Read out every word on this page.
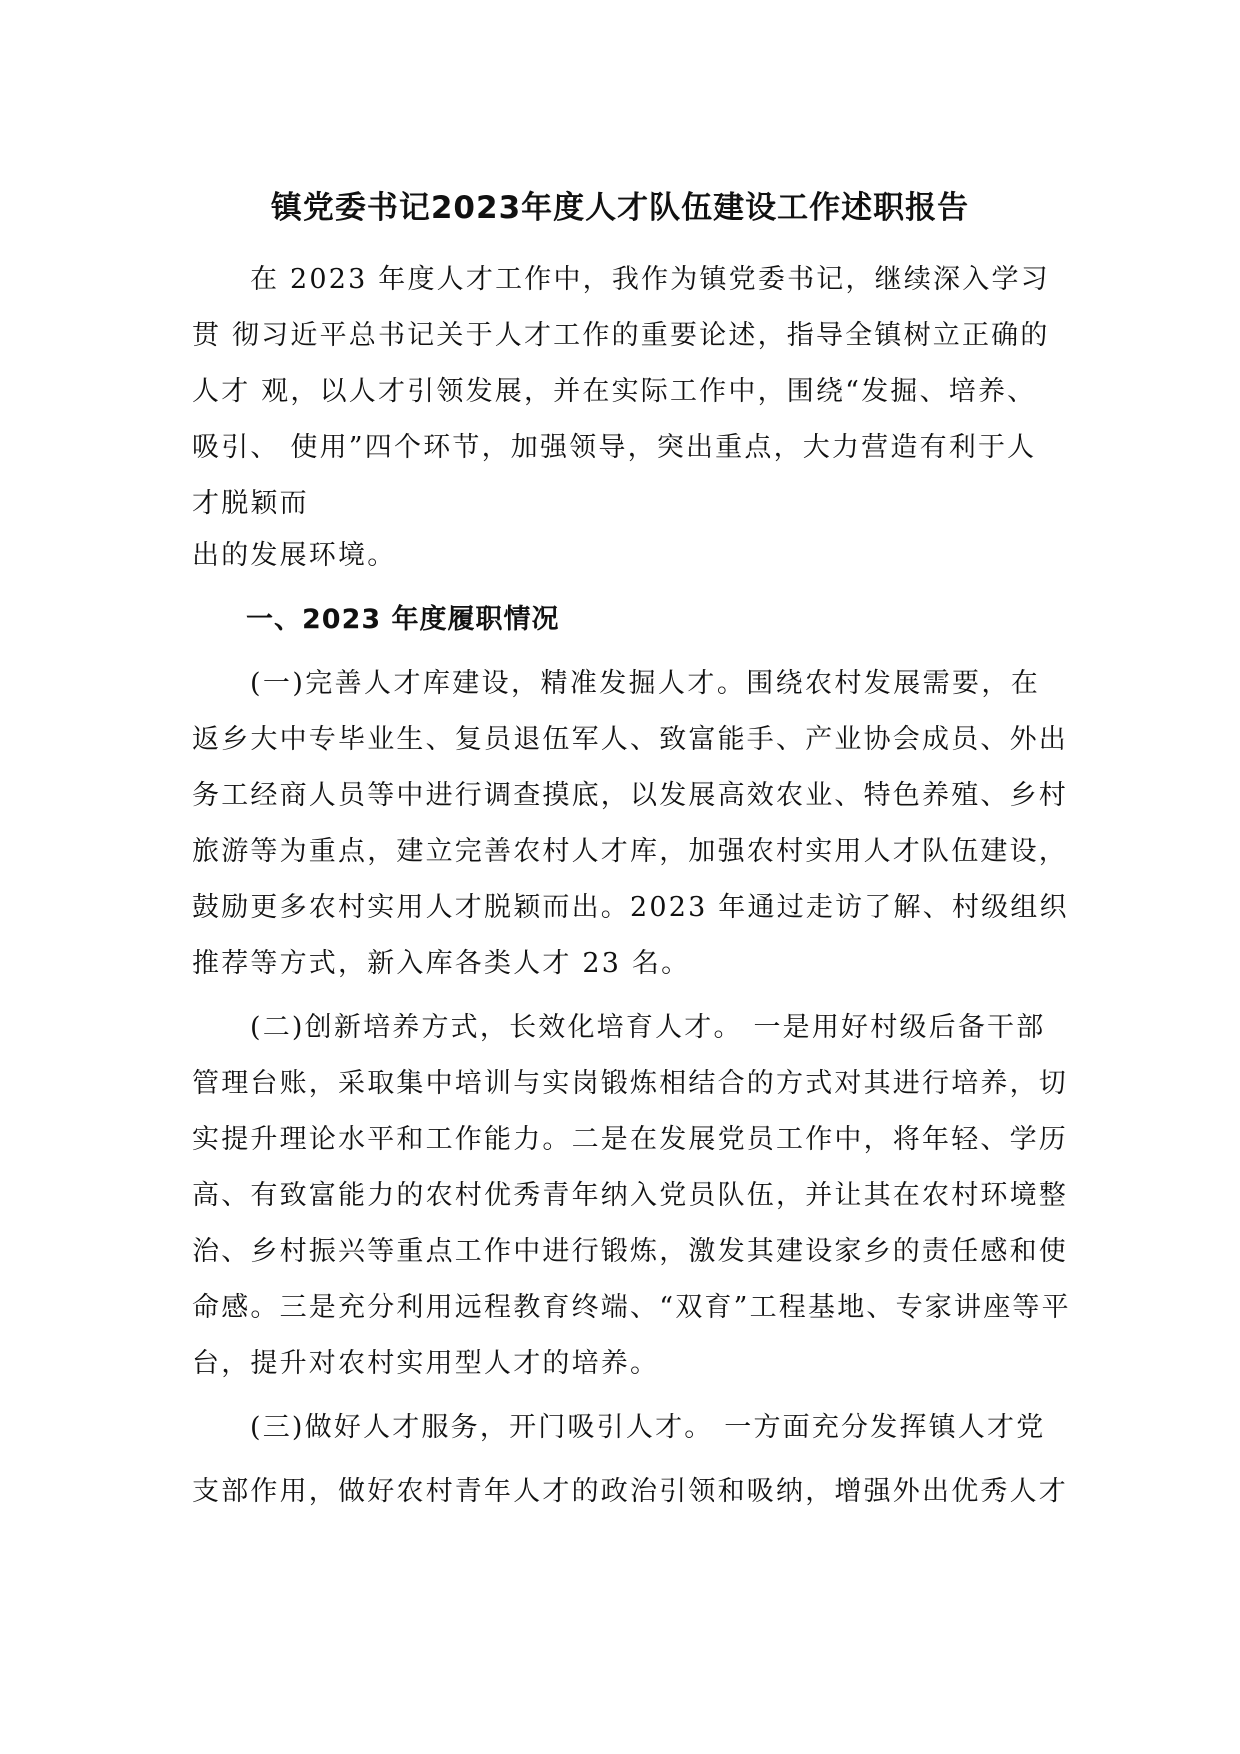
镇党委书记2023年度人才队伍建设工作述职报告
在 2023 年度人才工作中，我作为镇党委书记，继续深入学习
贯 彻习近平总书记关于人才工作的重要论述，指导全镇树立正确的
人才 观，以人才引领发展，并在实际工作中，围绕“发掘、培养、
吸引、 使用”四个环节，加强领导，突出重点，大力营造有利于人
才脱颖而
出的发展环境。
一、2023 年度履职情况
(一)完善人才库建设，精准发掘人才。围绕农村发展需要，在
返乡大中专毕业生、复员退伍军人、致富能手、产业协会成员、外出
务工经商人员等中进行调查摸底，以发展高效农业、特色养殖、乡村
旅游等为重点，建立完善农村人才库，加强农村实用人才队伍建设，
鼓励更多农村实用人才脱颖而出。2023 年通过走访了解、村级组织
推荐等方式，新入库各类人才 23 名。
(二)创新培养方式，长效化培育人才。 一是用好村级后备干部
管理台账，采取集中培训与实岗锻炼相结合的方式对其进行培养，切
实提升理论水平和工作能力。二是在发展党员工作中，将年轻、学历
高、有致富能力的农村优秀青年纳入党员队伍，并让其在农村环境整
治、乡村振兴等重点工作中进行锻炼，激发其建设家乡的责任感和使
命感。三是充分利用远程教育终端、“双育”工程基地、专家讲座等平
台，提升对农村实用型人才的培养。
(三)做好人才服务，开门吸引人才。 一方面充分发挥镇人才党
支部作用，做好农村青年人才的政治引领和吸纳，增强外出优秀人才
